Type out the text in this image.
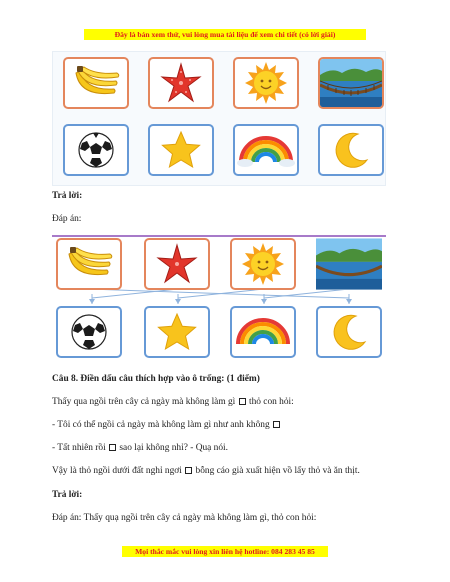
Đây là bản xem thử, vui lòng mua tài liệu để xem chi tiết (có lời giải)
Trả lời:
Đáp án:
Câu 8. Điền dấu câu thích hợp vào ô trống: (1 điểm)
Thấy qua ngồi trên cây cả ngày mà không làm gì thỏ con hỏi:
- Tôi có thể ngồi cả ngày mà không làm gì như anh không
- Tất nhiên rồi sao lại không nhỉ? - Quạ nói.
Vậy là thỏ ngồi dưới đất nghỉ ngơi bỗng cáo già xuất hiện vồ lấy thỏ và ăn thịt.
Trả lời:
Đáp án: Thấy quạ ngồi trên cây cả ngày mà không làm gì, thỏ con hỏi:
Mọi thắc mắc vui lòng xin liên hệ hotline: 084 283 45 85
